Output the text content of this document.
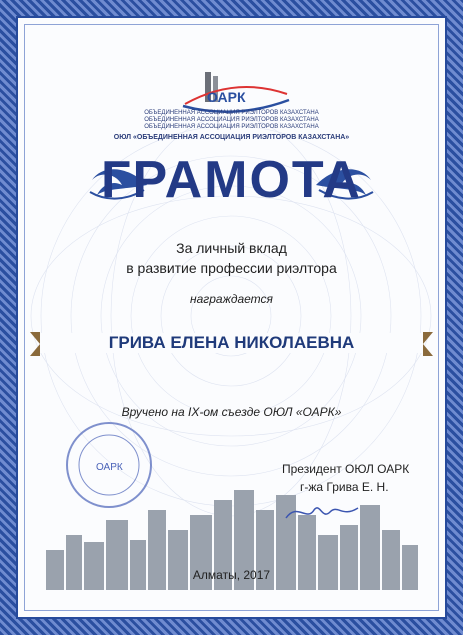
ОАРК
ОБЪЕДИНЕННАЯ АССОЦИАЦИЯ РИЭЛТОРОВ КАЗАХСТАНА
ОБЪЕДИНЕННАЯ АССОЦИАЦИЯ РИЭЛТОРОВ КАЗАХСТАНА
ОБЪЕДИНЕННАЯ АССОЦИАЦИЯ РИЭЛТОРОВ КАЗАХСТАНА
ОЮЛ «ОБЪЕДИНЕННАЯ АССОЦИАЦИЯ РИЭЛТОРОВ КАЗАХСТАНА»
ГРАМОТА
За личный вклад
в развитие профессии риэлтора
награждается
ГРИВА ЕЛЕНА НИКОЛАЕВНА
Вручено на IX-ом съезде ОЮЛ «ОАРК»
ОАРК	Президент ОЮЛ ОАРК
г-жа Грива Е. Н.
Алматы, 2017
